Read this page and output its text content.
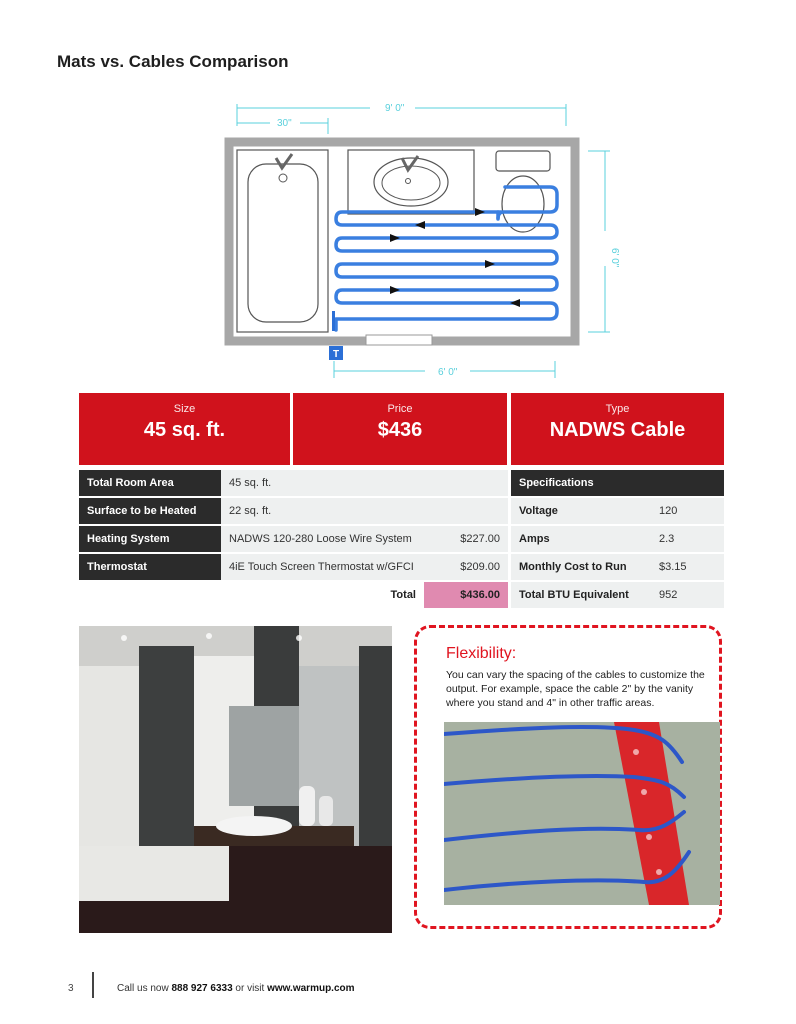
Mats vs. Cables Comparison
9' 0"
30"
6' 0"
6' 0"
T
Size
45 sq. ft.
Price
$436
Type
NADWS Cable
Total Room Area	45 sq. ft.	
Surface to be Heated	22 sq. ft.	
Heating System	NADWS 120-280 Loose Wire System	$227.00
Thermostat	4iE Touch Screen Thermostat w/GFCI	$209.00
	Total	$436.00
Specifications	
Voltage	120
Amps	2.3
Monthly Cost to Run	$3.15
Total BTU Equivalent	952
Flexibility:

You can vary the spacing of the cables to customize the output. For example, space the cable 2" by the vanity where you stand and 4" in other traffic areas.

3	Call us now 888 927 6333 or visit www.warmup.com
